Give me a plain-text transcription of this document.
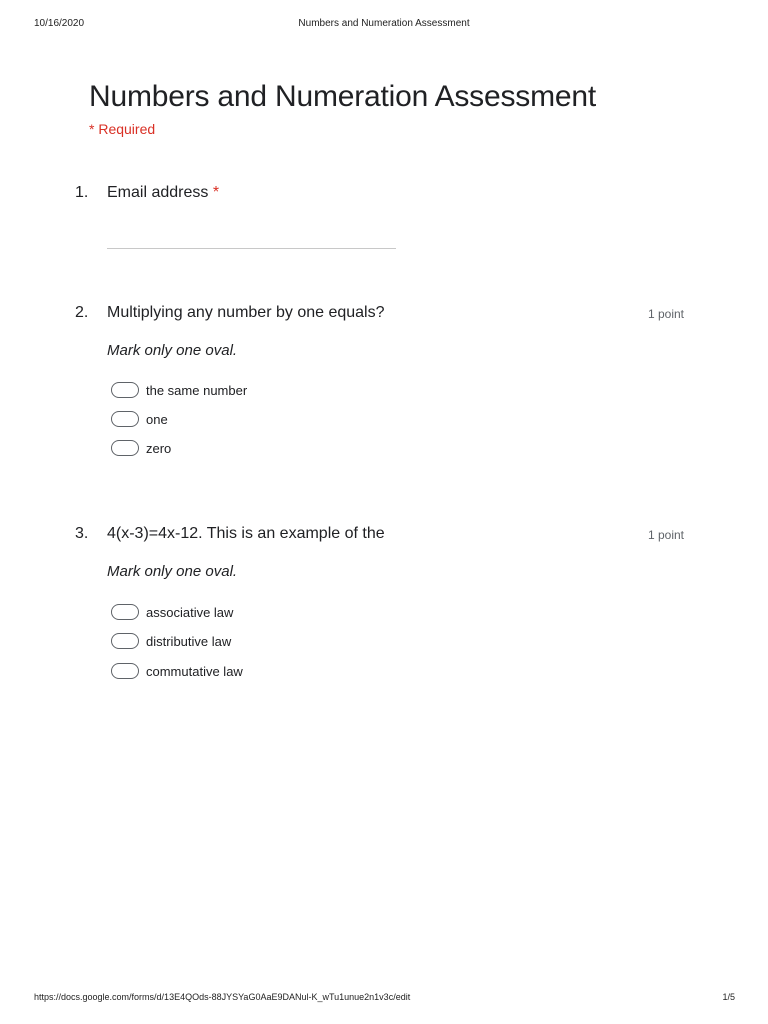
10/16/2020	Numbers and Numeration Assessment
Numbers and Numeration Assessment
* Required
1. Email address *
2. Multiplying any number by one equals?	1 point
Mark only one oval.
the same number
one
zero
3. 4(x-3)=4x-12. This is an example of the	1 point
Mark only one oval.
associative law
distributive law
commutative law
https://docs.google.com/forms/d/13E4QOds-88JYSYaG0AaE9DANul-K_wTu1unue2n1v3c/edit	1/5
